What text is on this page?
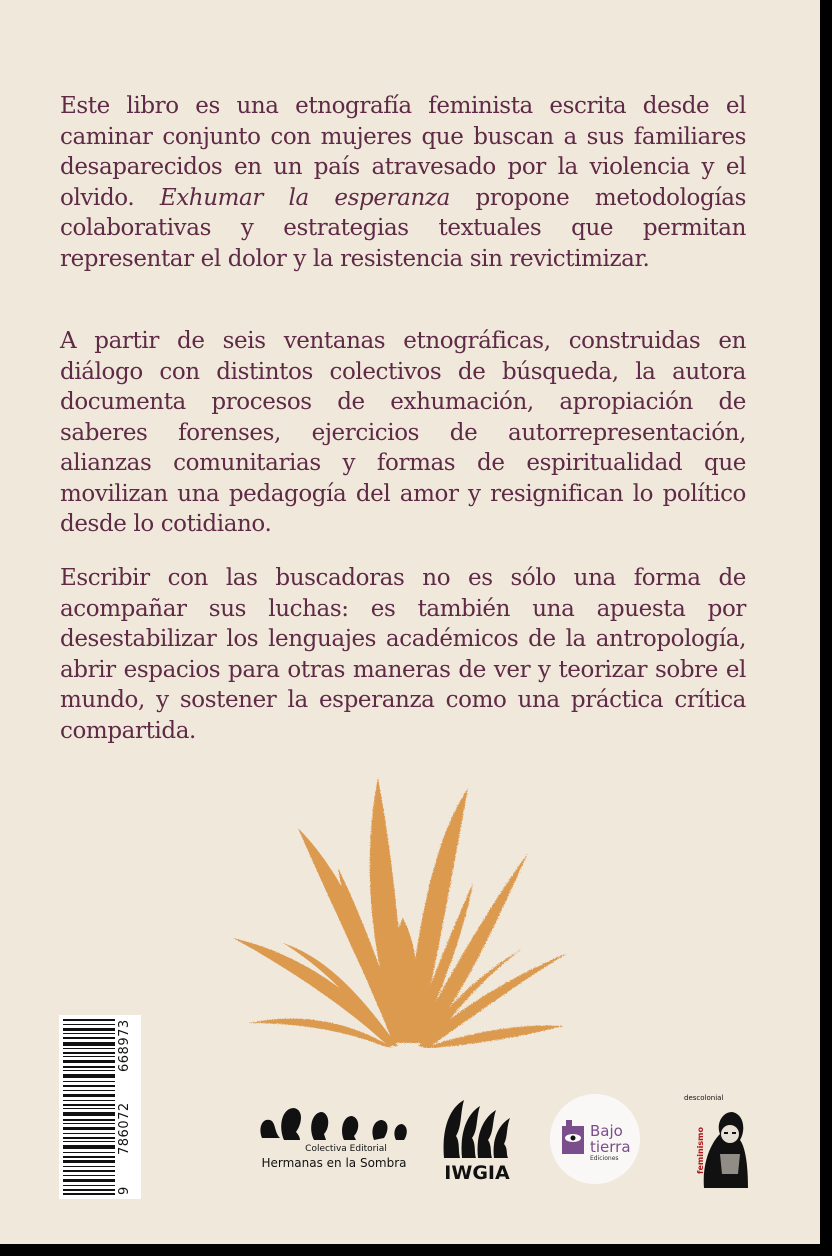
Este libro es una etnografía feminista escrita desde el caminar conjunto con mujeres que buscan a sus familiares desaparecidos en un país atravesado por la violencia y el olvido. Exhumar la esperanza propone metodologías colaborativas y estrategias textuales que permitan representar el dolor y la resistencia sin revictimizar.

A partir de seis ventanas etnográficas, construidas en diálogo con distintos colectivos de búsqueda, la autora documenta procesos de exhumación, apropiación de saberes forenses, ejercicios de autorrepresentación, alianzas comunitarias y formas de espiritualidad que movilizan una pedagogía del amor y resignifican lo político desde lo cotidiano.

Escribir con las buscadoras no es sólo una forma de acompañar sus luchas: es también una apuesta por desestabilizar los lenguajes académicos de la antropología, abrir espacios para otras maneras de ver y teorizar sobre el mundo, y sostener la esperanza como una práctica crítica compartida.

9
786072
668973
Colectiva Editorial
Hermanas en la Sombra	IWGIA
Bajo
tierra
Ediciones
descolonial
feminismo
